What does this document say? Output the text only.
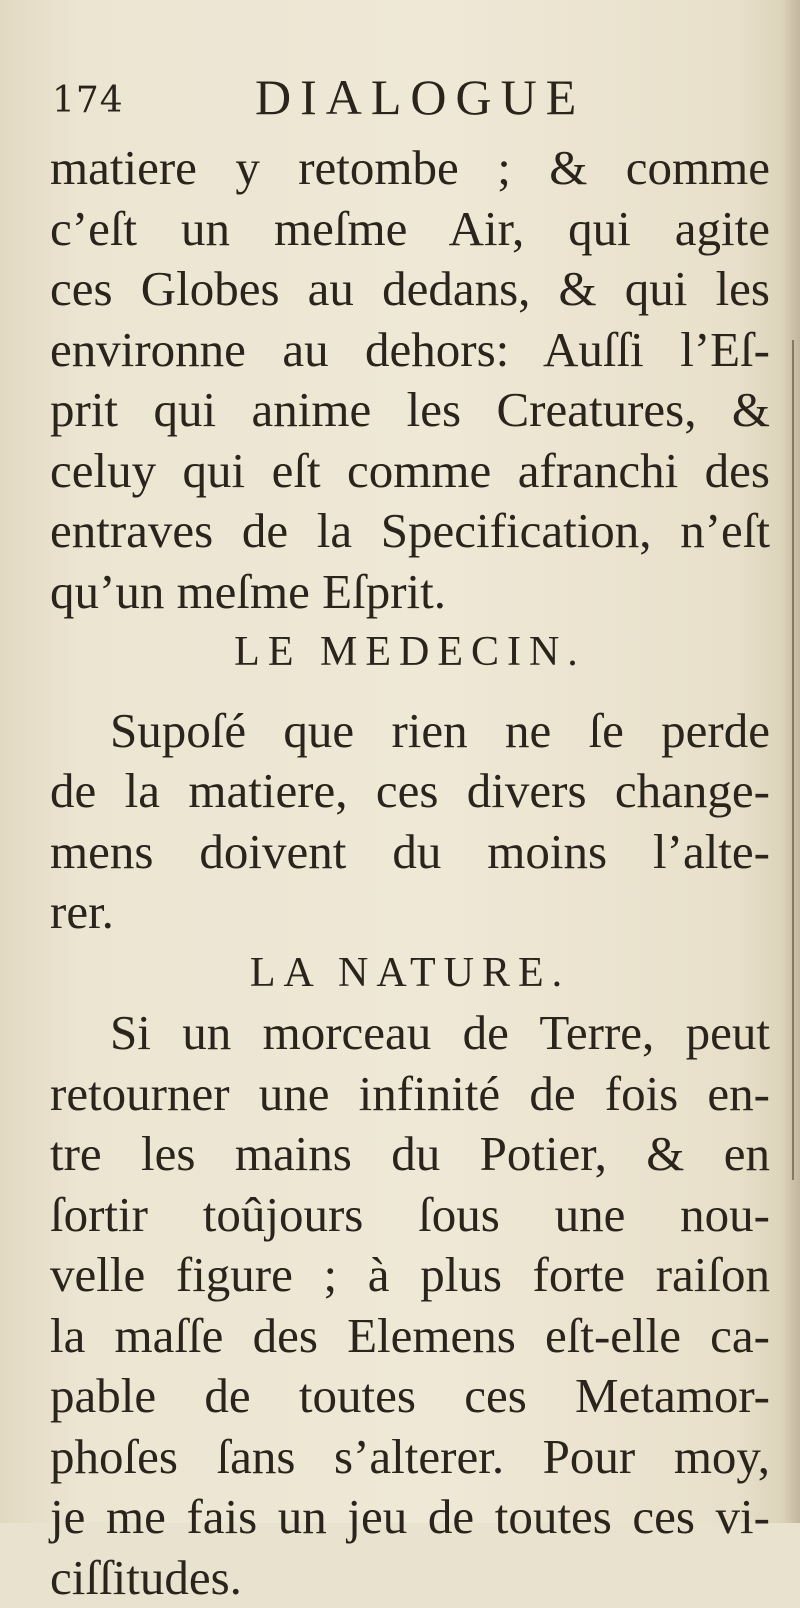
174	DIALOGUE
matiere y retombe ; & comme
c’eſt un meſme Air, qui agite
ces Globes au dedans, & qui les
environne au dehors: Auſſi l’Eſ-
prit qui anime les Creatures, &
celuy qui eſt comme afranchi des
entraves de la Specification, n’eſt
qu’un meſme Eſprit.
LE MEDECIN.
Supoſé que rien ne ſe perde
de la matiere, ces divers change-
mens doivent du moins l’alte-
rer.
LA NATURE.
Si un morceau de Terre, peut
retourner une infinité de fois en-
tre les mains du Potier, & en
ſortir toûjours ſous une nou-
velle figure ; à plus forte raiſon
la maſſe des Elemens eſt-elle ca-
pable de toutes ces Metamor-
phoſes ſans s’alterer. Pour moy,
je me fais un jeu de toutes ces vi-
ciſſitudes.
